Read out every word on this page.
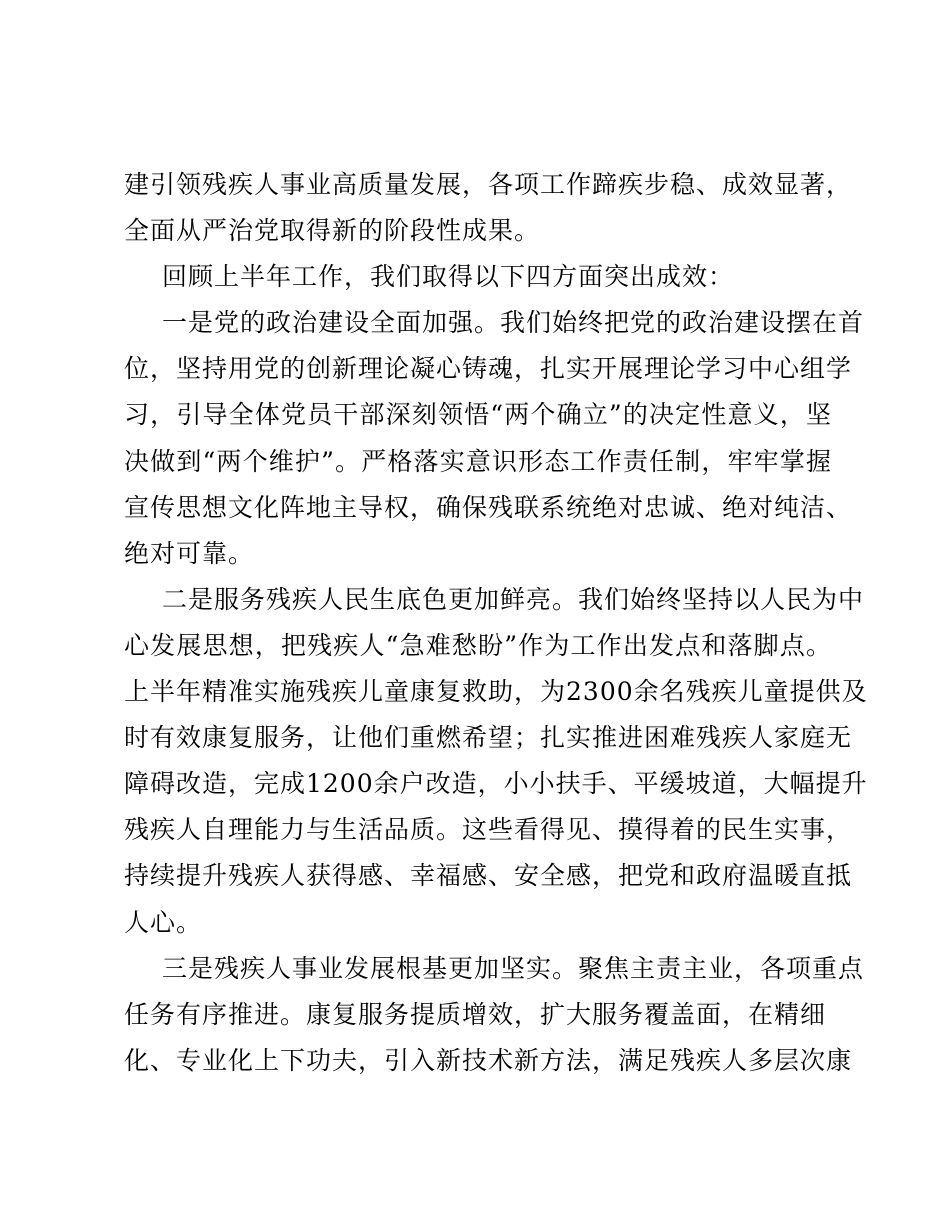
建引领残疾人事业高质量发展，各项工作蹄疾步稳、成效显著，
全面从严治党取得新的阶段性成果。
回顾上半年工作，我们取得以下四方面突出成效：
一是党的政治建设全面加强。我们始终把党的政治建设摆在首
位，坚持用党的创新理论凝心铸魂，扎实开展理论学习中心组学
习，引导全体党员干部深刻领悟“两个确立”的决定性意义，坚
决做到“两个维护”。严格落实意识形态工作责任制，牢牢掌握
宣传思想文化阵地主导权，确保残联系统绝对忠诚、绝对纯洁、
绝对可靠。
二是服务残疾人民生底色更加鲜亮。我们始终坚持以人民为中
心发展思想，把残疾人“急难愁盼”作为工作出发点和落脚点。
上半年精准实施残疾儿童康复救助，为2300余名残疾儿童提供及
时有效康复服务，让他们重燃希望；扎实推进困难残疾人家庭无
障碍改造，完成1200余户改造，小小扶手、平缓坡道，大幅提升
残疾人自理能力与生活品质。这些看得见、摸得着的民生实事，
持续提升残疾人获得感、幸福感、安全感，把党和政府温暖直抵
人心。
三是残疾人事业发展根基更加坚实。聚焦主责主业，各项重点
任务有序推进。康复服务提质增效，扩大服务覆盖面，在精细
化、专业化上下功夫，引入新技术新方法，满足残疾人多层次康
